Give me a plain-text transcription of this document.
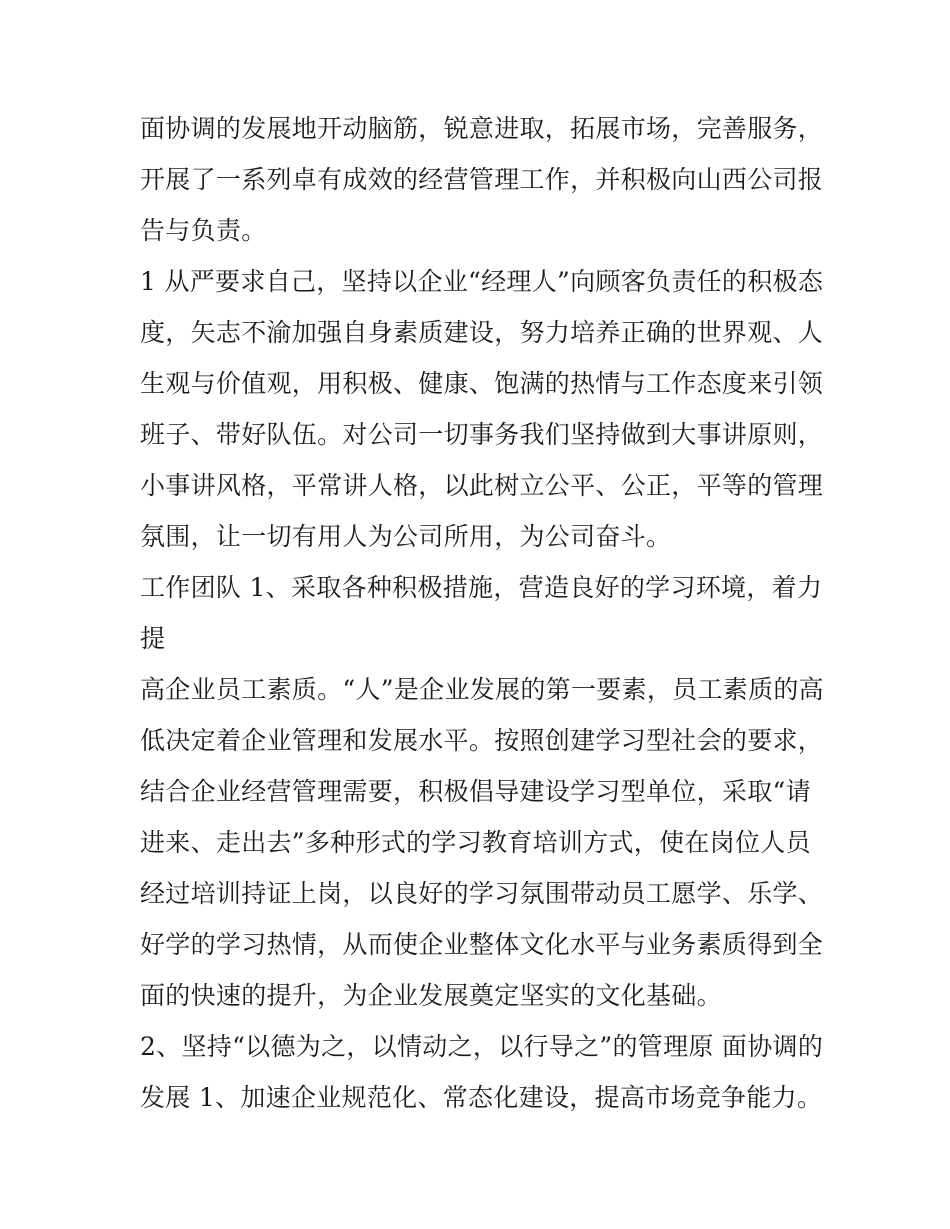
面协调的发展地开动脑筋，锐意进取，拓展市场，完善服务，
开展了一系列卓有成效的经营管理工作，并积极向山西公司报
告与负责。
1 从严要求自己，坚持以企业“经理人”向顾客负责任的积极态
度，矢志不渝加强自身素质建设，努力培养正确的世界观、人
生观与价值观，用积极、健康、饱满的热情与工作态度来引领
班子、带好队伍。对公司一切事务我们坚持做到大事讲原则，
小事讲风格，平常讲人格，以此树立公平、公正，平等的管理
氛围，让一切有用人为公司所用，为公司奋斗。
工作团队 1、采取各种积极措施，营造良好的学习环境，着力
提
高企业员工素质。“人”是企业发展的第一要素，员工素质的高
低决定着企业管理和发展水平。按照创建学习型社会的要求，
结合企业经营管理需要，积极倡导建设学习型单位，采取“请
进来、走出去”多种形式的学习教育培训方式，使在岗位人员
经过培训持证上岗，以良好的学习氛围带动员工愿学、乐学、
好学的学习热情，从而使企业整体文化水平与业务素质得到全
面的快速的提升，为企业发展奠定坚实的文化基础。
2、坚持“以德为之，以情动之，以行导之”的管理原 面协调的
发展 1、加速企业规范化、常态化建设，提高市场竞争能力。
